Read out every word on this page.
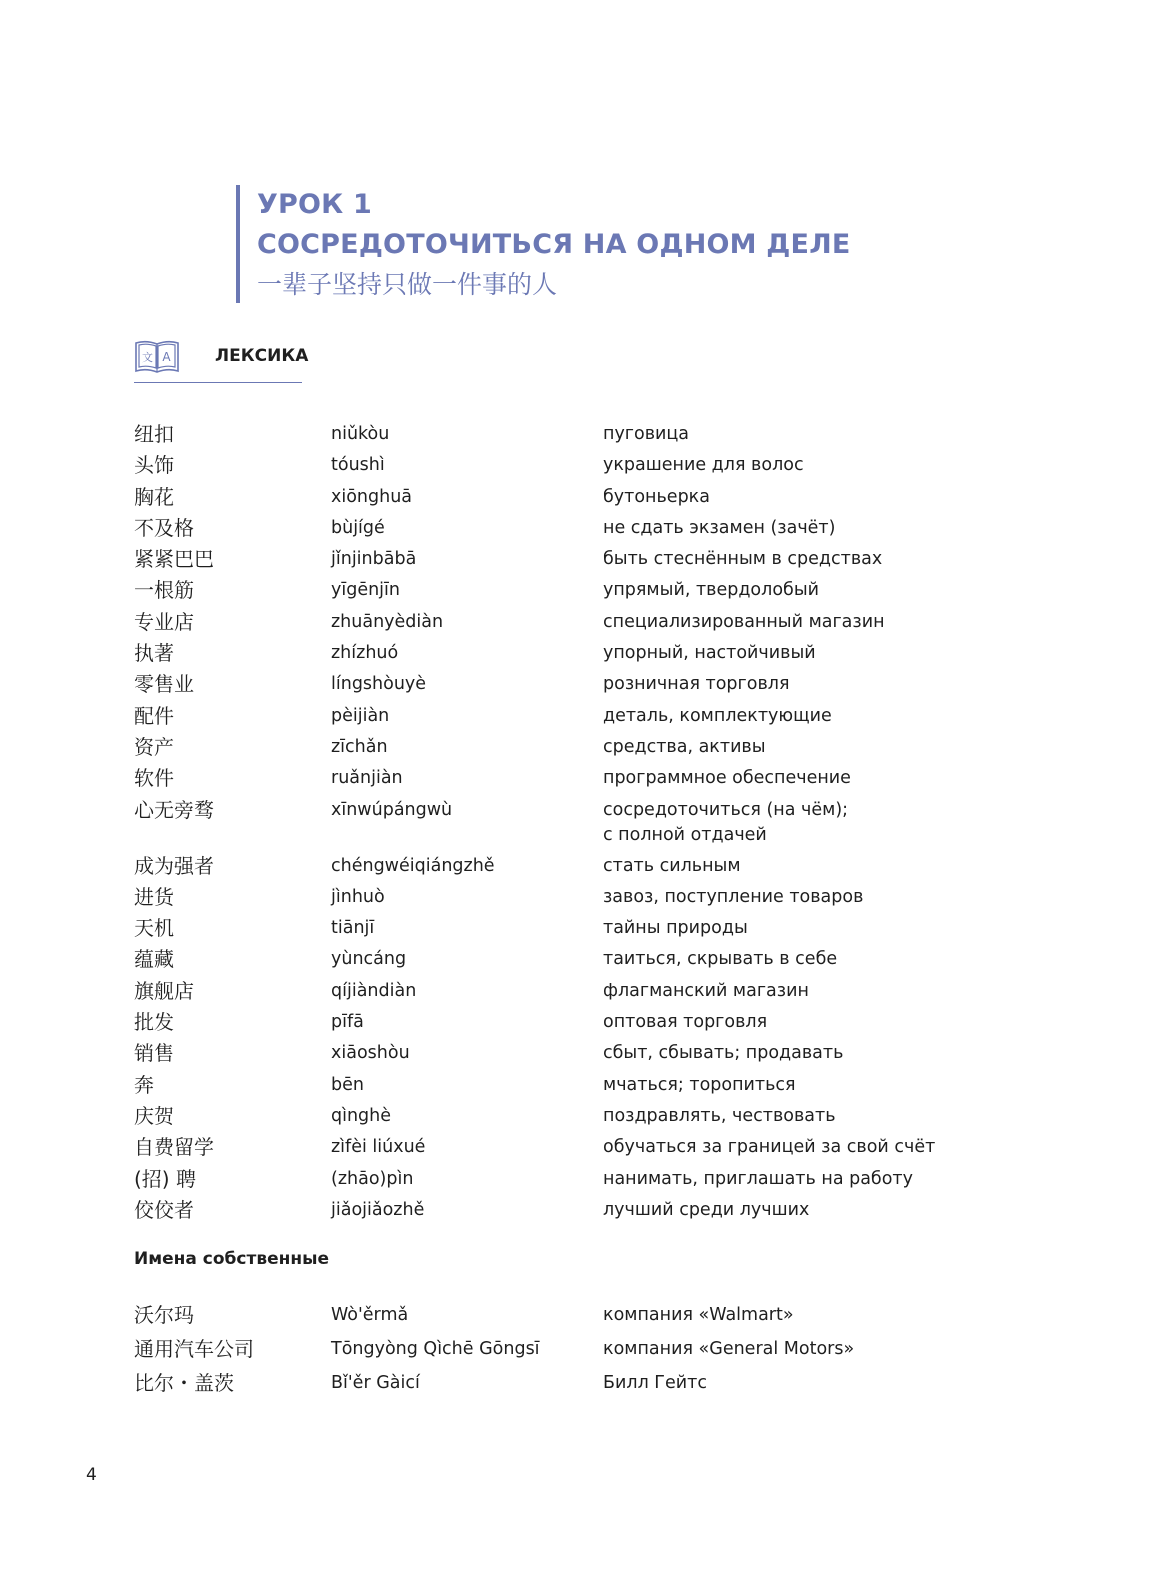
УРОК 1
СОСРЕДОТОЧИТЬСЯ НА ОДНОМ ДЕЛЕ
一辈子坚持只做一件事的人
文 A	ЛЕКСИКА
纽扣	niǔkòu	пуговица
头饰	tóushì	украшение для волос
胸花	xiōnghuā	бутоньерка
不及格	bùjígé	не сдать экзамен (зачёт)
紧紧巴巴	jǐnjinbābā	быть стеснённым в средствах
一根筋	yīgēnjīn	упрямый, твердолобый
专业店	zhuānyèdiàn	специализированный магазин
执著	zhízhuó	упорный, настойчивый
零售业	língshòuyè	розничная торговля
配件	pèijiàn	деталь, комплектующие
资产	zīchǎn	средства, активы
软件	ruǎnjiàn	программное обеспечение
心无旁骛	xīnwúpángwù	сосредоточиться (на чём);
с полной отдачей
成为强者	chéngwéiqiángzhě	стать сильным
进货	jìnhuò	завоз, поступление товаров
天机	tiānjī	тайны природы
蕴藏	yùncáng	таиться, скрывать в себе
旗舰店	qíjiàndiàn	флагманский магазин
批发	pīfā	оптовая торговля
销售	xiāoshòu	сбыт, сбывать; продавать
奔	bēn	мчаться; торопиться
庆贺	qìnghè	поздравлять, чествовать
自费留学	zìfèi liúxué	обучаться за границей за свой счёт
(招) 聘	(zhāo)pìn	нанимать, приглашать на работу
佼佼者	jiǎojiǎozhě	лучший среди лучших
Имена собственные
沃尔玛	Wò'ěrmǎ	компания «Walmart»
通用汽车公司	Tōngyòng Qìchē Gōngsī	компания «General Motors»
比尔・盖茨	Bǐ'ěr Gàicí	Билл Гейтс
4
